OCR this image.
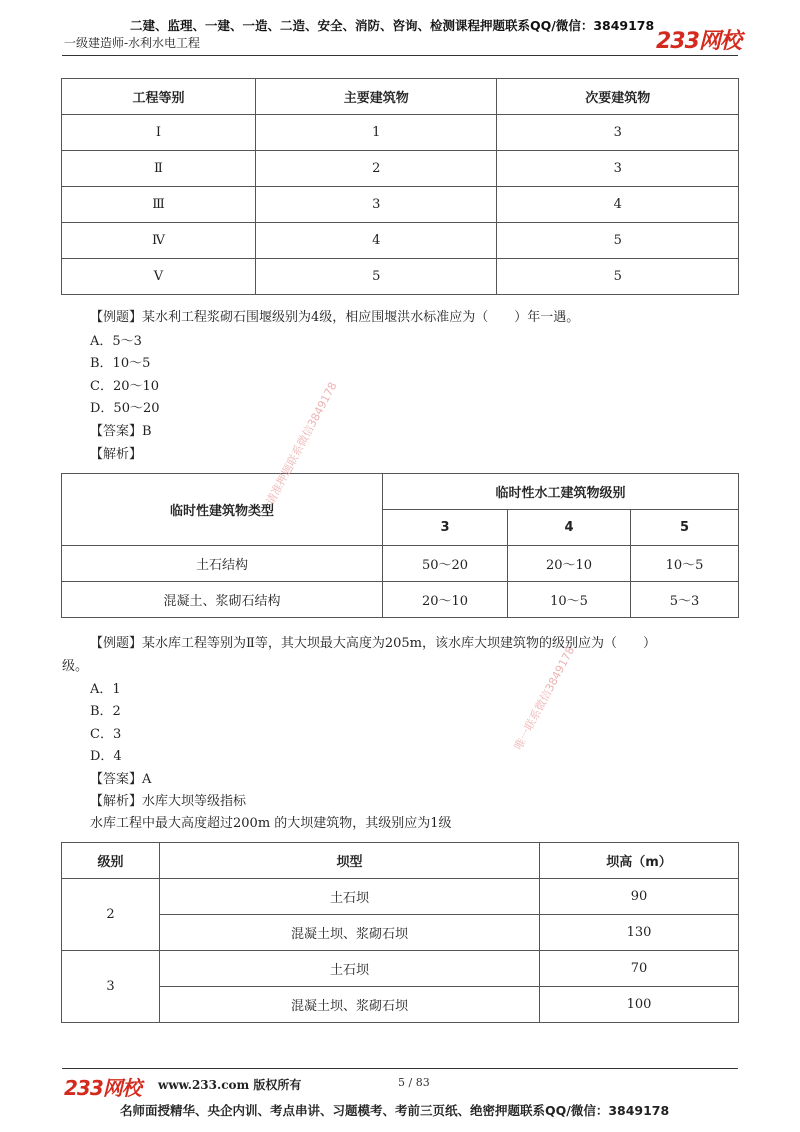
二建、监理、一建、一造、二造、安全、消防、咨询、检测课程押题联系QQ/微信：3849178
一级建造师-水利水电工程	233网校
工程等别	主要建筑物	次要建筑物
Ⅰ	1	3
Ⅱ	2	3
Ⅲ	3	4
Ⅳ	4	5
Ⅴ	5	5
【例题】某水利工程浆砌石围堰级别为4级，相应围堰洪水标准应为（　　）年一遇。
A．5～3
B．10～5
C．20～10
D．50～20
【答案】B
【解析】
临时性建筑物类型	临时性水工建筑物级别		
	3	4	5
土石结构	50～20	20～10	10～5
混凝土、浆砌石结构	20～10	10～5	5～3
【例题】某水库工程等别为Ⅱ等，其大坝最大高度为205m，该水库大坝建筑物的级别应为（　　）
级。
A．1
B．2
C．3
D．4
【答案】A
【解析】水库大坝等级指标
水库工程中最大高度超过200m 的大坝建筑物，其级别应为1级
级别	坝型	坝高（m）
2	土石坝	90
	混凝土坝、浆砌石坝	130
3	土石坝	70
	混凝土坝、浆砌石坝	100
请准押题联系微信3849178
唯一联系微信3849178
233网校 www.233.com 版权所有	5 / 83
名师面授精华、央企内训、考点串讲、习题模考、考前三页纸、绝密押题联系QQ/微信：3849178
